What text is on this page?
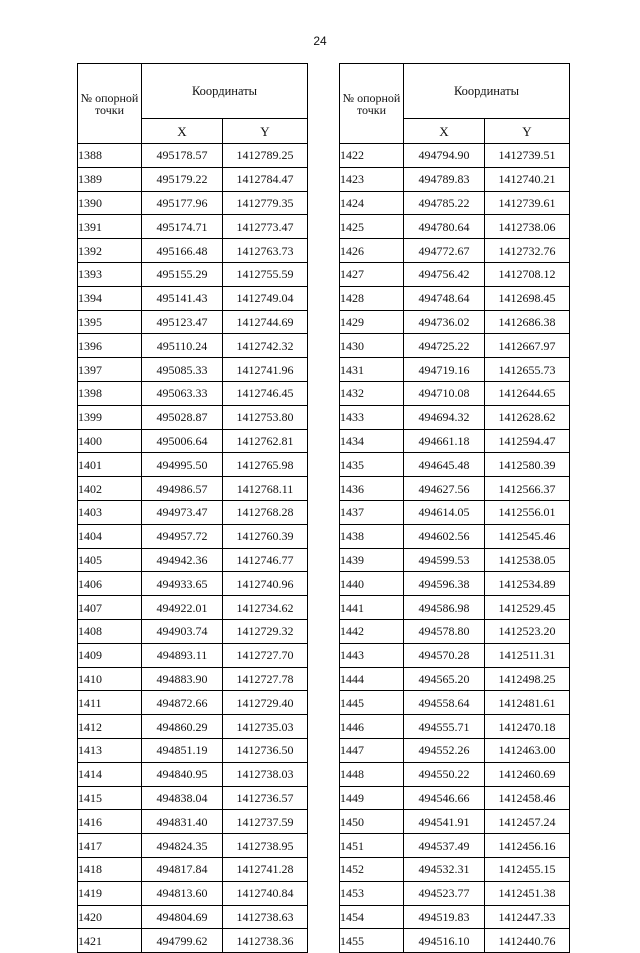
24
№ опорной точки	Координаты	
	X	Y
1388	495178.57	1412789.25
1389	495179.22	1412784.47
1390	495177.96	1412779.35
1391	495174.71	1412773.47
1392	495166.48	1412763.73
1393	495155.29	1412755.59
1394	495141.43	1412749.04
1395	495123.47	1412744.69
1396	495110.24	1412742.32
1397	495085.33	1412741.96
1398	495063.33	1412746.45
1399	495028.87	1412753.80
1400	495006.64	1412762.81
1401	494995.50	1412765.98
1402	494986.57	1412768.11
1403	494973.47	1412768.28
1404	494957.72	1412760.39
1405	494942.36	1412746.77
1406	494933.65	1412740.96
1407	494922.01	1412734.62
1408	494903.74	1412729.32
1409	494893.11	1412727.70
1410	494883.90	1412727.78
1411	494872.66	1412729.40
1412	494860.29	1412735.03
1413	494851.19	1412736.50
1414	494840.95	1412738.03
1415	494838.04	1412736.57
1416	494831.40	1412737.59
1417	494824.35	1412738.95
1418	494817.84	1412741.28
1419	494813.60	1412740.84
1420	494804.69	1412738.63
1421	494799.62	1412738.36
№ опорной точки	Координаты	
	X	Y
1422	494794.90	1412739.51
1423	494789.83	1412740.21
1424	494785.22	1412739.61
1425	494780.64	1412738.06
1426	494772.67	1412732.76
1427	494756.42	1412708.12
1428	494748.64	1412698.45
1429	494736.02	1412686.38
1430	494725.22	1412667.97
1431	494719.16	1412655.73
1432	494710.08	1412644.65
1433	494694.32	1412628.62
1434	494661.18	1412594.47
1435	494645.48	1412580.39
1436	494627.56	1412566.37
1437	494614.05	1412556.01
1438	494602.56	1412545.46
1439	494599.53	1412538.05
1440	494596.38	1412534.89
1441	494586.98	1412529.45
1442	494578.80	1412523.20
1443	494570.28	1412511.31
1444	494565.20	1412498.25
1445	494558.64	1412481.61
1446	494555.71	1412470.18
1447	494552.26	1412463.00
1448	494550.22	1412460.69
1449	494546.66	1412458.46
1450	494541.91	1412457.24
1451	494537.49	1412456.16
1452	494532.31	1412455.15
1453	494523.77	1412451.38
1454	494519.83	1412447.33
1455	494516.10	1412440.76
